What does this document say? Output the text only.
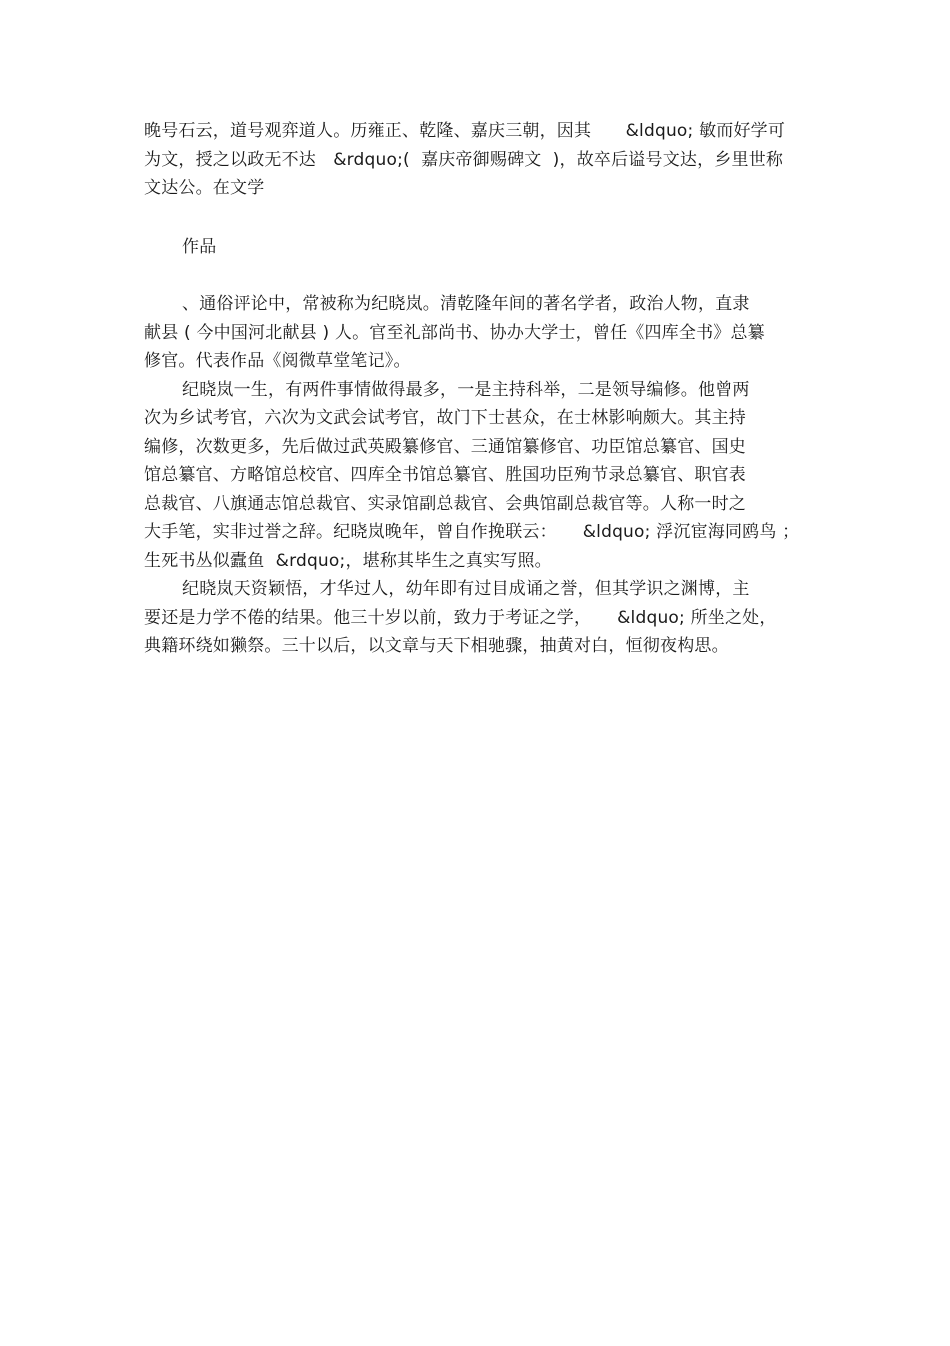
晚号石云，道号观弈道人。历雍正、乾隆、嘉庆三朝，因其　　&ldquo; 敏而好学可
为文，授之以政无不达　&rdquo;(  嘉庆帝御赐碑文  )，故卒后谥号文达，乡里世称
文达公。在文学
作品
、通俗评论中，常被称为纪晓岚。清乾隆年间的著名学者，政治人物，直隶
献县 ( 今中国河北献县 ) 人。官至礼部尚书、协办大学士，曾任《四库全书》总纂
修官。代表作品《阅微草堂笔记》。
纪晓岚一生，有两件事情做得最多，一是主持科举，二是领导编修。他曾两
次为乡试考官，六次为文武会试考官，故门下士甚众，在士林影响颇大。其主持
编修，次数更多，先后做过武英殿纂修官、三通馆纂修官、功臣馆总纂官、国史
馆总纂官、方略馆总校官、四库全书馆总纂官、胜国功臣殉节录总纂官、职官表
总裁官、八旗通志馆总裁官、实录馆副总裁官、会典馆副总裁官等。人称一时之
大手笔，实非过誉之辞。纪晓岚晚年，曾自作挽联云：　　&ldquo; 浮沉宦海同鸥鸟 ；
生死书丛似蠹鱼  &rdquo;，堪称其毕生之真实写照。
纪晓岚天资颖悟，才华过人，幼年即有过目成诵之誉，但其学识之渊博，主
要还是力学不倦的结果。他三十岁以前，致力于考证之学，　　&ldquo; 所坐之处，
典籍环绕如獭祭。三十以后，以文章与天下相驰骤，抽黄对白，恒彻夜构思。
